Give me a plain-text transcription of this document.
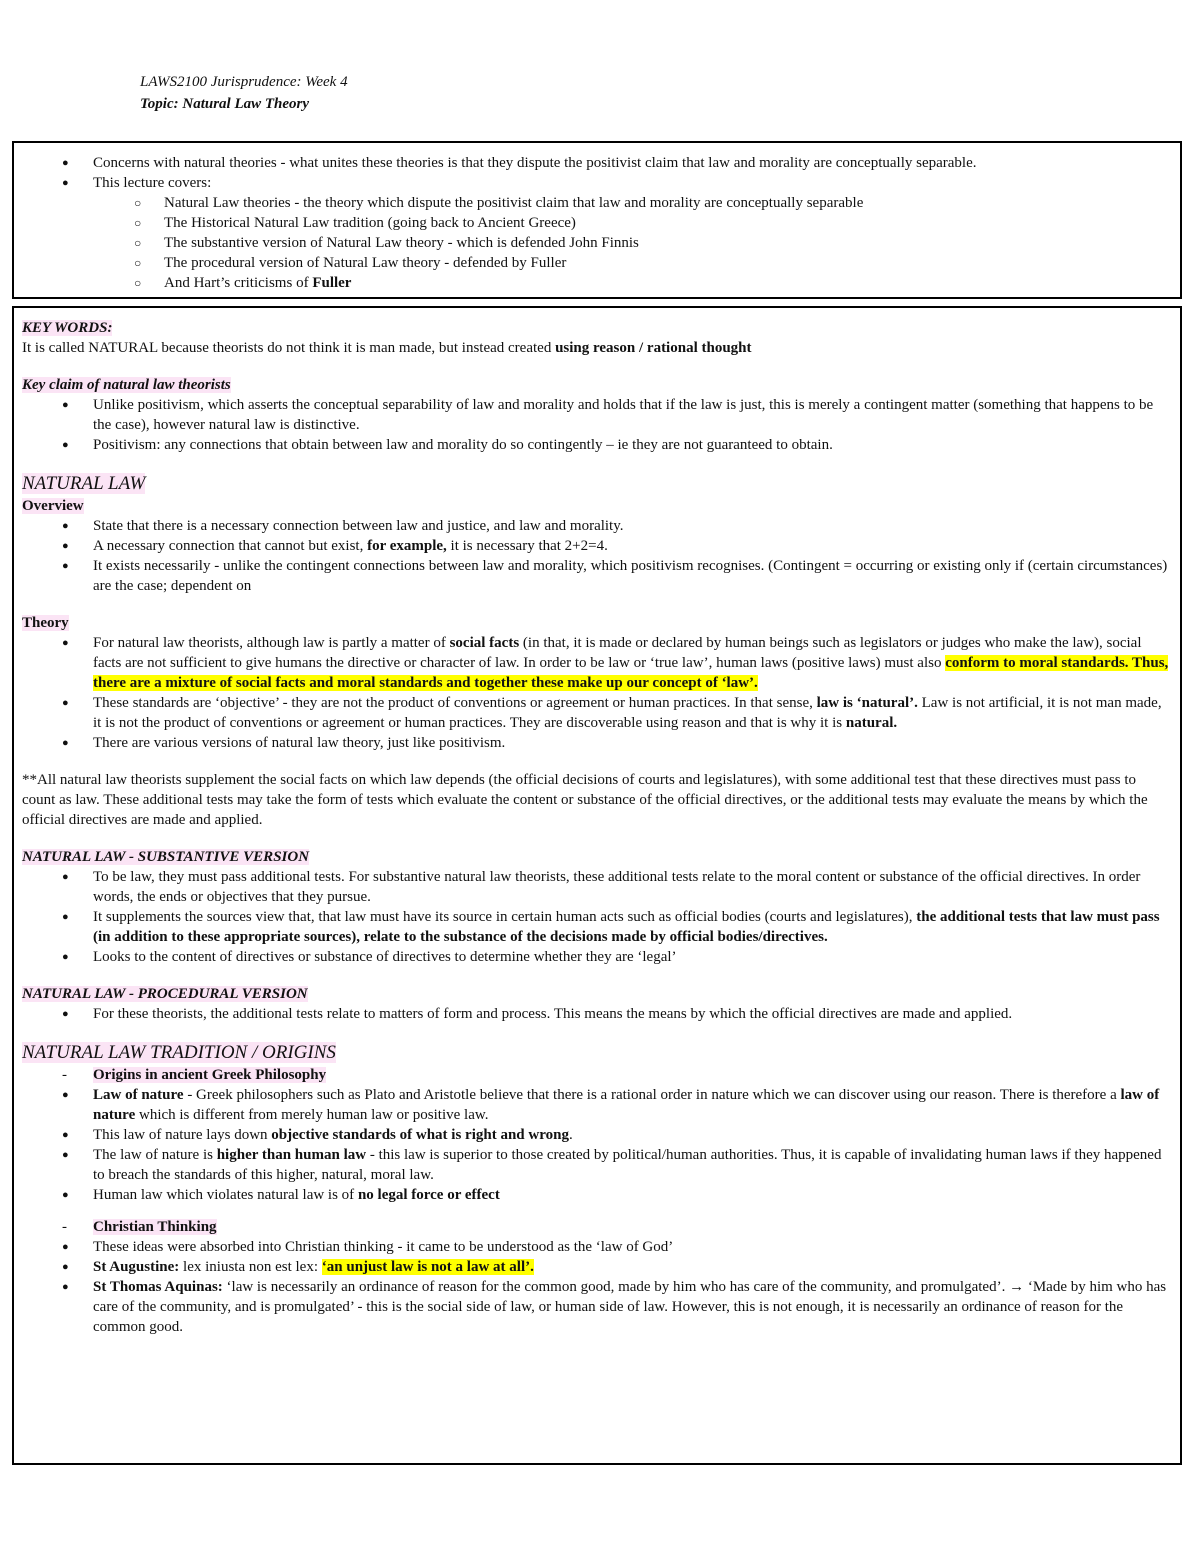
LAWS2100 Jurisprudence: Week 4
Topic: Natural Law Theory
● Concerns with natural theories - what unites these theories is that they dispute the positivist claim that law and morality are conceptually separable.
● This lecture covers:
○ Natural Law theories - the theory which dispute the positivist claim that law and morality are conceptually separable
○ The Historical Natural Law tradition (going back to Ancient Greece)
○ The substantive version of Natural Law theory - which is defended John Finnis
○ The procedural version of Natural Law theory - defended by Fuller
○ And Hart’s criticisms of Fuller

KEY WORDS:

It is called NATURAL because theorists do not think it is man made, but instead created using reason / rational thought

Key claim of natural law theorists

● Unlike positivism, which asserts the conceptual separability of law and morality and holds that if the law is just, this is merely a contingent matter (something that happens to be the case), however natural law is distinctive.
● Positivism: any connections that obtain between law and morality do so contingently – ie they are not guaranteed to obtain.

NATURAL LAW

Overview

● State that there is a necessary connection between law and justice, and law and morality.
● A necessary connection that cannot but exist, for example, it is necessary that 2+2=4.
● It exists necessarily - unlike the contingent connections between law and morality, which positivism recognises. (Contingent = occurring or existing only if (certain circumstances) are the case; dependent on

Theory

● For natural law theorists, although law is partly a matter of social facts (in that, it is made or declared by human beings such as legislators or judges who make the law), social facts are not sufficient to give humans the directive or character of law. In order to be law or ‘true law’, human laws (positive laws) must also conform to moral standards. Thus, there are a mixture of social facts and moral standards and together these make up our concept of ‘law’.
● These standards are ‘objective’ - they are not the product of conventions or agreement or human practices. In that sense, law is ‘natural’. Law is not artificial, it is not man made, it is not the product of conventions or agreement or human practices. They are discoverable using reason and that is why it is natural.
● There are various versions of natural law theory, just like positivism.

**All natural law theorists supplement the social facts on which law depends (the official decisions of courts and legislatures), with some additional test that these directives must pass to count as law. These additional tests may take the form of tests which evaluate the content or substance of the official directives, or the additional tests may evaluate the means by which the official directives are made and applied.

NATURAL LAW - SUBSTANTIVE VERSION

● To be law, they must pass additional tests. For substantive natural law theorists, these additional tests relate to the moral content or substance of the official directives. In order words, the ends or objectives that they pursue.
● It supplements the sources view that, that law must have its source in certain human acts such as official bodies (courts and legislatures), the additional tests that law must pass (in addition to these appropriate sources), relate to the substance of the decisions made by official bodies/directives.
● Looks to the content of directives or substance of directives to determine whether they are ‘legal’

NATURAL LAW - PROCEDURAL VERSION

● For these theorists, the additional tests relate to matters of form and process. This means the means by which the official directives are made and applied.

NATURAL LAW TRADITION / ORIGINS

- Origins in ancient Greek Philosophy
● Law of nature - Greek philosophers such as Plato and Aristotle believe that there is a rational order in nature which we can discover using our reason. There is therefore a law of nature which is different from merely human law or positive law.
● This law of nature lays down objective standards of what is right and wrong.
● The law of nature is higher than human law - this law is superior to those created by political/human authorities. Thus, it is capable of invalidating human laws if they happened to breach the standards of this higher, natural, moral law.
● Human law which violates natural law is of no legal force or effect
- Christian Thinking
● These ideas were absorbed into Christian thinking - it came to be understood as the ‘law of God’
● St Augustine: lex iniusta non est lex: ‘an unjust law is not a law at all’.
● St Thomas Aquinas: ‘law is necessarily an ordinance of reason for the common good, made by him who has care of the community, and promulgated’. → ‘Made by him who has care of the community, and is promulgated’ - this is the social side of law, or human side of law. However, this is not enough, it is necessarily an ordinance of reason for the common good.
